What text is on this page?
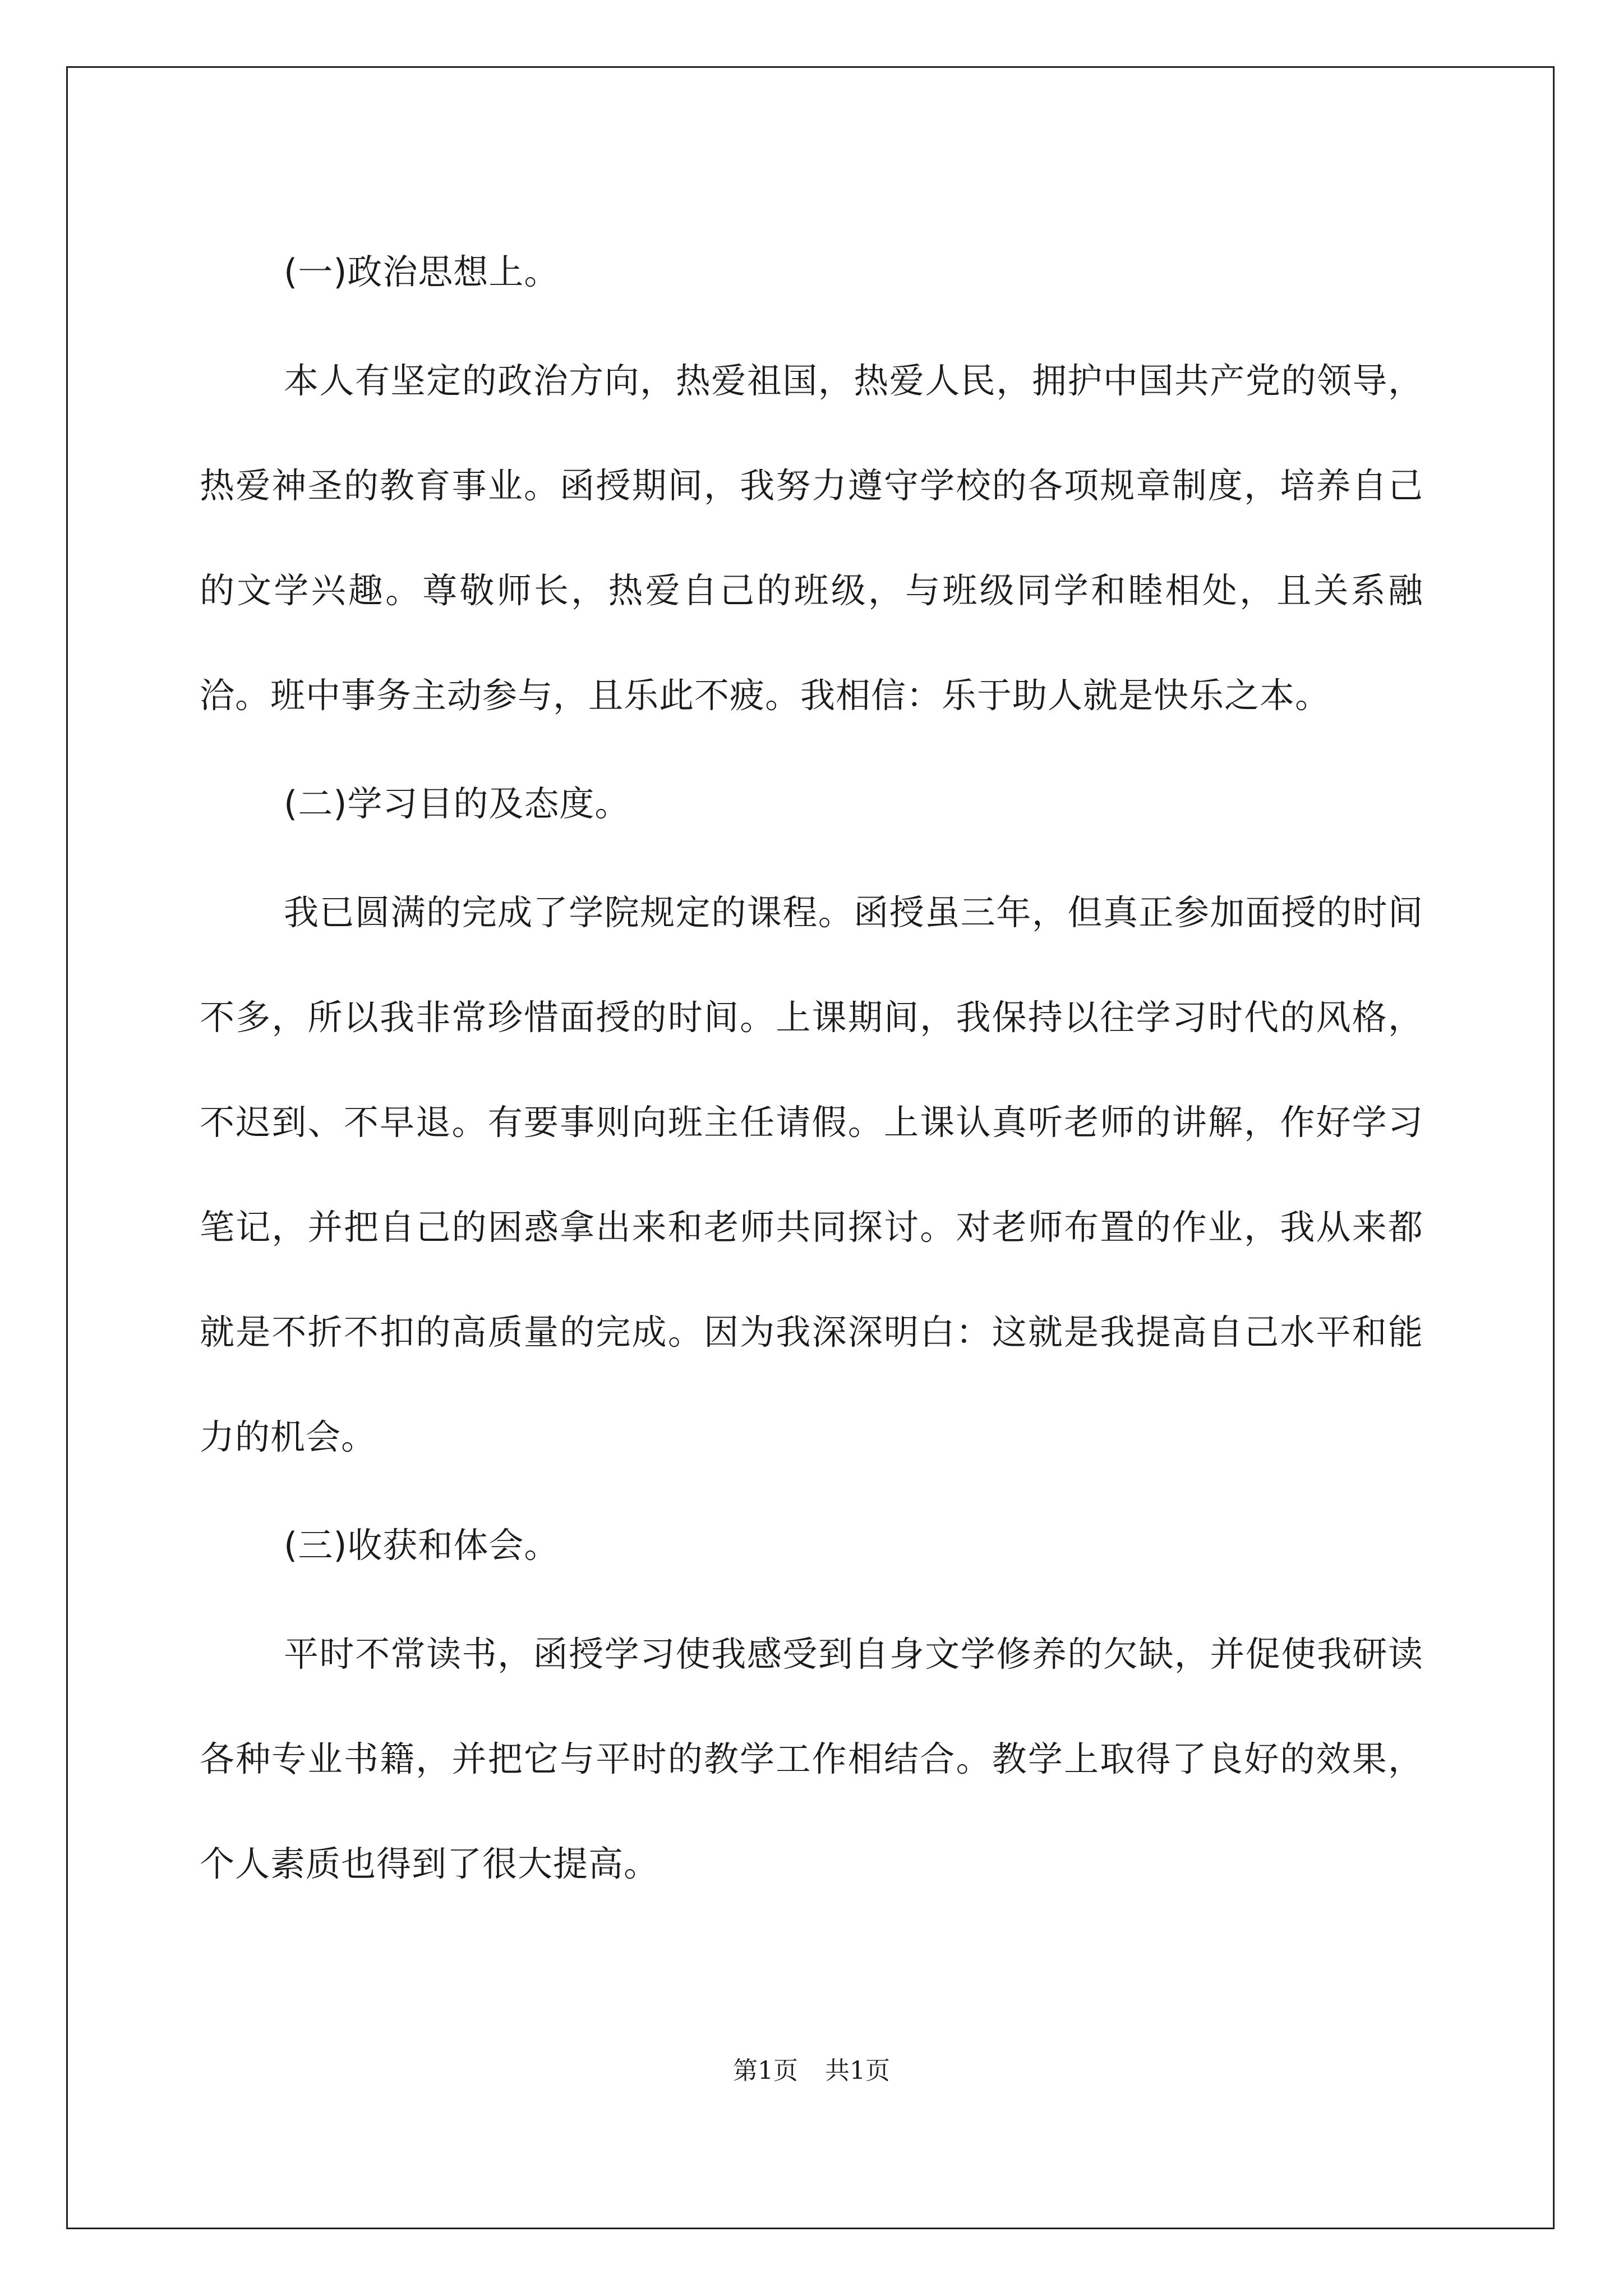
(一)政治思想上。

本人有坚定的政治方向，热爱祖国，热爱人民，拥护中国共产党的领导，热爱神圣的教育事业。函授期间，我努力遵守学校的各项规章制度，培养自己的文学兴趣。尊敬师长，热爱自己的班级，与班级同学和睦相处，且关系融洽。班中事务主动参与，且乐此不疲。我相信：乐于助人就是快乐之本。

(二)学习目的及态度。

我已圆满的完成了学院规定的课程。函授虽三年，但真正参加面授的时间不多，所以我非常珍惜面授的时间。上课期间，我保持以往学习时代的风格，不迟到、不早退。有要事则向班主任请假。上课认真听老师的讲解，作好学习笔记，并把自己的困惑拿出来和老师共同探讨。对老师布置的作业，我从来都就是不折不扣的高质量的完成。因为我深深明白：这就是我提高自己水平和能力的机会。

(三)收获和体会。

平时不常读书，函授学习使我感受到自身文学修养的欠缺，并促使我研读各种专业书籍，并把它与平时的教学工作相结合。教学上取得了良好的效果，个人素质也得到了很大提高。

第1页 共1页
